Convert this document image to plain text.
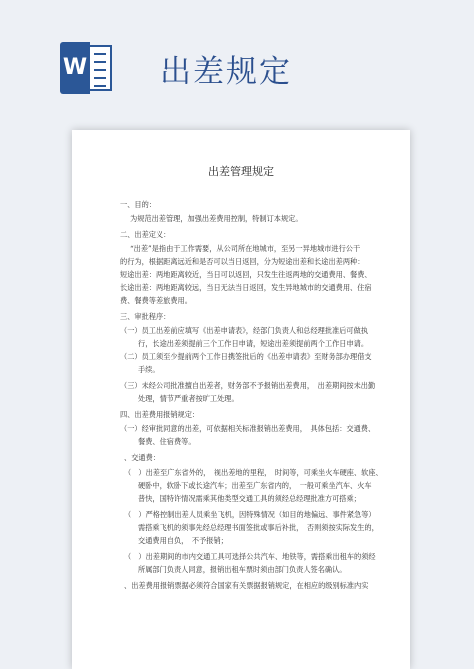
W 出差规定
出差管理规定
一、目的：
为规范出差管理，加强出差费用控制，特制订本规定。
二、出差定义：
“出差”是指由于工作需要，从公司所在地城市，至另一异地城市进行公干
的行为，根据距离远近和是否可以当日返回，分为短途出差和长途出差两种：
短途出差：两地距离较近，当日可以返回，只发生往返两地的交通费用、餐费、
长途出差：两地距离较远，当日无法当日返回，发生异地城市的交通费用、住宿
费、餐费等差旅费用。
三、审批程序：
（一）员工出差前应填写《出差申请表》，经部门负责人和总经理批准后可做执
行，长途出差须提前三个工作日申请，短途出差须提前两个工作日申请。
（二）员工须至少提前两个工作日携签批后的《出差申请表》至财务部办理借支
手续。
（三）未经公司批准擅自出差者，财务部不予报销出差费用，　出差期间按未出勤
处理，情节严重者按旷工处理。
四、出差费用报销规定：
（一）经审批同意的出差，可依据相关标准报销出差费用，　具体包括：交通费、
餐费、住宿费等。
、交通费：
（　）出差至广东省外的，　视出差地的里程，　时间等，可乘坐火车硬座、软座、
硬卧中，软卧下或长途汽车；出差至广东省内的，　一般可乘坐汽车、火车
普快，国特许情况需乘其他类型交通工具的须经总经理批准方可搭乘；
（　）严格控制出差人员乘坐飞机，因特殊情况（如目的地偏远、事件紧急等）
需搭乘飞机的须事先经总经理书面签批或事后补批，　否则须按实际发生的，
交通费用自负，　不予报销；
（　）出差期间的市内交通工具可选择公共汽车、地铁等，需搭乘出租车的须经
所属部门负责人同意，报销出租车票时须由部门负责人签名确认。
、出差费用报销票据必须符合国家有关票据报销规定，在相应的级别标准内实
